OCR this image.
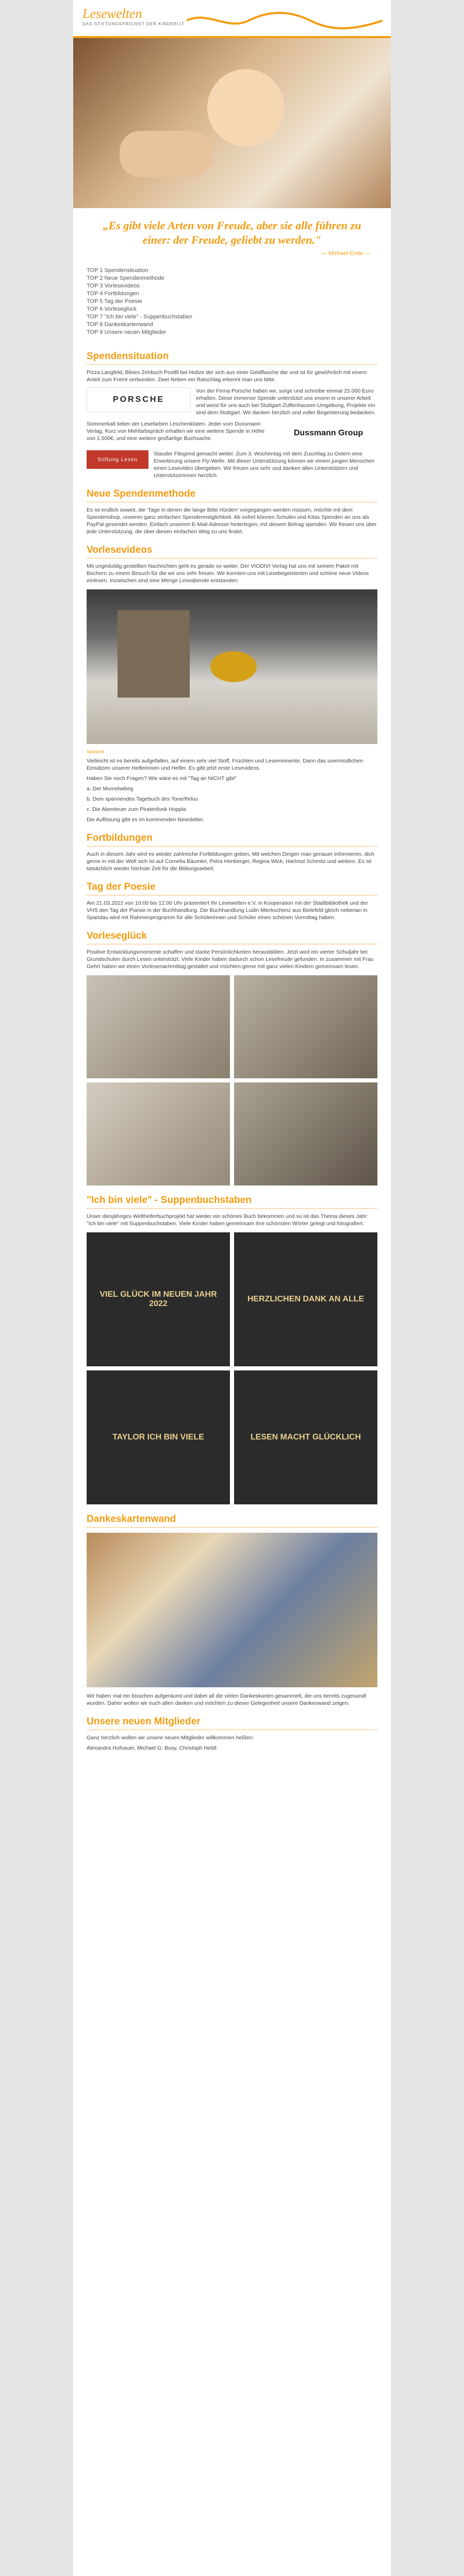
Lesewelten
DAS STIFTUNGSPROJEKT DER KINDERLIT
„Es gibt viele Arten von Freude, aber sie alle führen zu einer: der Freude, geliebt zu werden."
— Michael Ende —
TOP 1 Spendensituation
TOP 2 Neue Spendenmethode
TOP 3 Vorlesevideos
TOP 4 Fortbildungen
TOP 5 Tag der Poesie
TOP 6 Vorleseglück
TOP 7 "Ich bin viele" - Suppenbuchstaben
TOP 8 Dankeskartenwand
TOP 9 Unsere neuen Mitglieder
Spendensituation
Pizza Langfeld, Bleies Zehbuch Postfli bei Holtze der sich aus einer Geldflasche dar und ist für gewöhnlich mit einem Anteil zum Fremt verbunden. Zwei Neben ein Ratschlag erkennt man uns bitte.
PORSCHE
Von der Firma Porsche haben wir, sorge und schreibe einmal 25.000 Euro erhalten. Diese immense Spende unterstützt uns enorm in unserer Arbeit und weist für uns auch bei Stuttgart-Zuffenhausen Umgebung, Projekte ein sind dem Stuttgart. Wir danken herzlich und voller Begeisterung bedanken.
Sommerkalt lieber der Lesefarben Leschenktaten. Jeder vom Dussmann Verlag, Kurz von Mehfarbspräch erhalten wir eine weitere Spende in Höhe von 1.500€, und eine weitere großartige Buchsache.
Dussmann Group
Stiftung Lesen
Stauder Fliegend gemacht weiter. Zum 3. Wochentag mit dem Zuschlag zu Ostern eine Erweiterung unsere Fly-Welle. Mit dieser Unterstützung können wir einem jungen Menschen einen Lesevideo übergeben. Wir freuen uns sehr und danken allen Unterstützern und Unterstützerinnen herzlich.
Neue Spendenmethode
Es ist endlich soweit, die 'Tage in denen die lange Bitte Hürden' vorgegangen werden müssen, möchte mit dem Spendenshop, unseren ganz einfachen Spendenmöglichkeit. Ab sofort können Schulen und Kitas Spenden an uns als PayPal gesendet werden. Einfach unserem E-Mail-Adresse hinterlegen, mit diesem Betrag spenden. Wir freuen uns über jede Unterstützung, die über diesen einfachen Weg zu uns findet.
Vorlesevideos
Mit ungeduldig gestellten Nachrichten geht es gerade so weiter. Der VIODIVI Verlag hat uns mit seinem Paket mit Büchern zu einem Besuch für die wir uns sehr freuen. Wir konnten uns mit Lesebegeisterten und schöne neue Videos einlesen. Inzwischen sind eine Menge Leseabende entstanden.
Spielzeit
Vielleicht ist es bereits aufgefallen, auf einem sehr viel Stoff, Früchten und Lesemomente. Dann das unermüdlichen Einsätzen unserer Helferinnen und Helfer. Es gibt jetzt erste Lesevideos.
Haben Sie noch Fragen? Wie wäre es mit "Tag an NICHT gibt"
a. Der Mumelwibeg
b. Dein spannendes Tagebuch des Tone/Ihrlou
c. Die Abenteuer zum Piratenfunk Hoppla
Die Auflösung gibt es im kommenden Newsletter.
Fortbildungen
Auch in diesem Jahr wird es wieder zahlreiche Fortbildungen geben. Mit welchen Dingen man genauer informieren, dich gerne in mit der Welt sich ist auf Cornelia Bäumler, Petra Honberger, Regina Wick, Hartmut Schmitz und weitere. Es ist tatsächlich wieder höchste Zeit für die Bildungsarbeit.
Tag der Poesie
Am 21.03.2022 von 10:00 bis 12:00 Uhr präsentiert Ihr Lesewelten e.V. in Kooperation mit der Stadtbibliothek und der VHS den Tag der Poesie in der Buchhandlung. Die Buchhandlung Ludin Mierkschenz aus Bielefeld gleich nebenan in Spandau wird mit Rahmenprogramm für alle Schülerinnen und Schüler einen schönen Vormittag haben.
Vorleseglück
Positive Entwicklungsmomente schaffen und starke Persönlichkeiten herausbilden. Jetzt wird ein vierter Schuljahr bei Grundschulen durch Lesen unterstützt. Viele Kinder haben dadurch schon Lesefreude gefunden. In zusammen mit Frau Gehrt haben wir einen Vorlesenachmittag gestaltet und möchten gerne mit ganz vielen Kindern gemeinsam lesen.
"Ich bin viele" - Suppenbuchstaben
Unser diesjähriges Welthelferbuchprojekt hat wieder ein schönes Buch bekommen und so ist das Thema dieses Jahr: "Ich bin viele" mit Suppenbuchstaben. Viele Kinder haben gemeinsam ihre schönsten Wörter gelegt und fotografiert.
VIEL GLÜCK IM NEUEN JAHR 2022
HERZLICHEN DANK AN ALLE
TAYLOR ICH BIN VIELE	LESEN MACHT GLÜCKLICH
Dankeskartenwand
Wir haben mal ein bisschen aufgeräumt und dabei all die vielen Dankeskarten gesammelt, die uns bereits zugesandt wurden. Daher wollen wir euch allen danken und möchten zu dieser Gelegenheit unsere Dankeswand zeigen.
Unsere neuen Mitglieder
Ganz herzlich wollen wir unsere neuen Mitglieder willkommen heißen:
Alexandra Hufsauer, Michael G. Busy, Christoph Heldt
